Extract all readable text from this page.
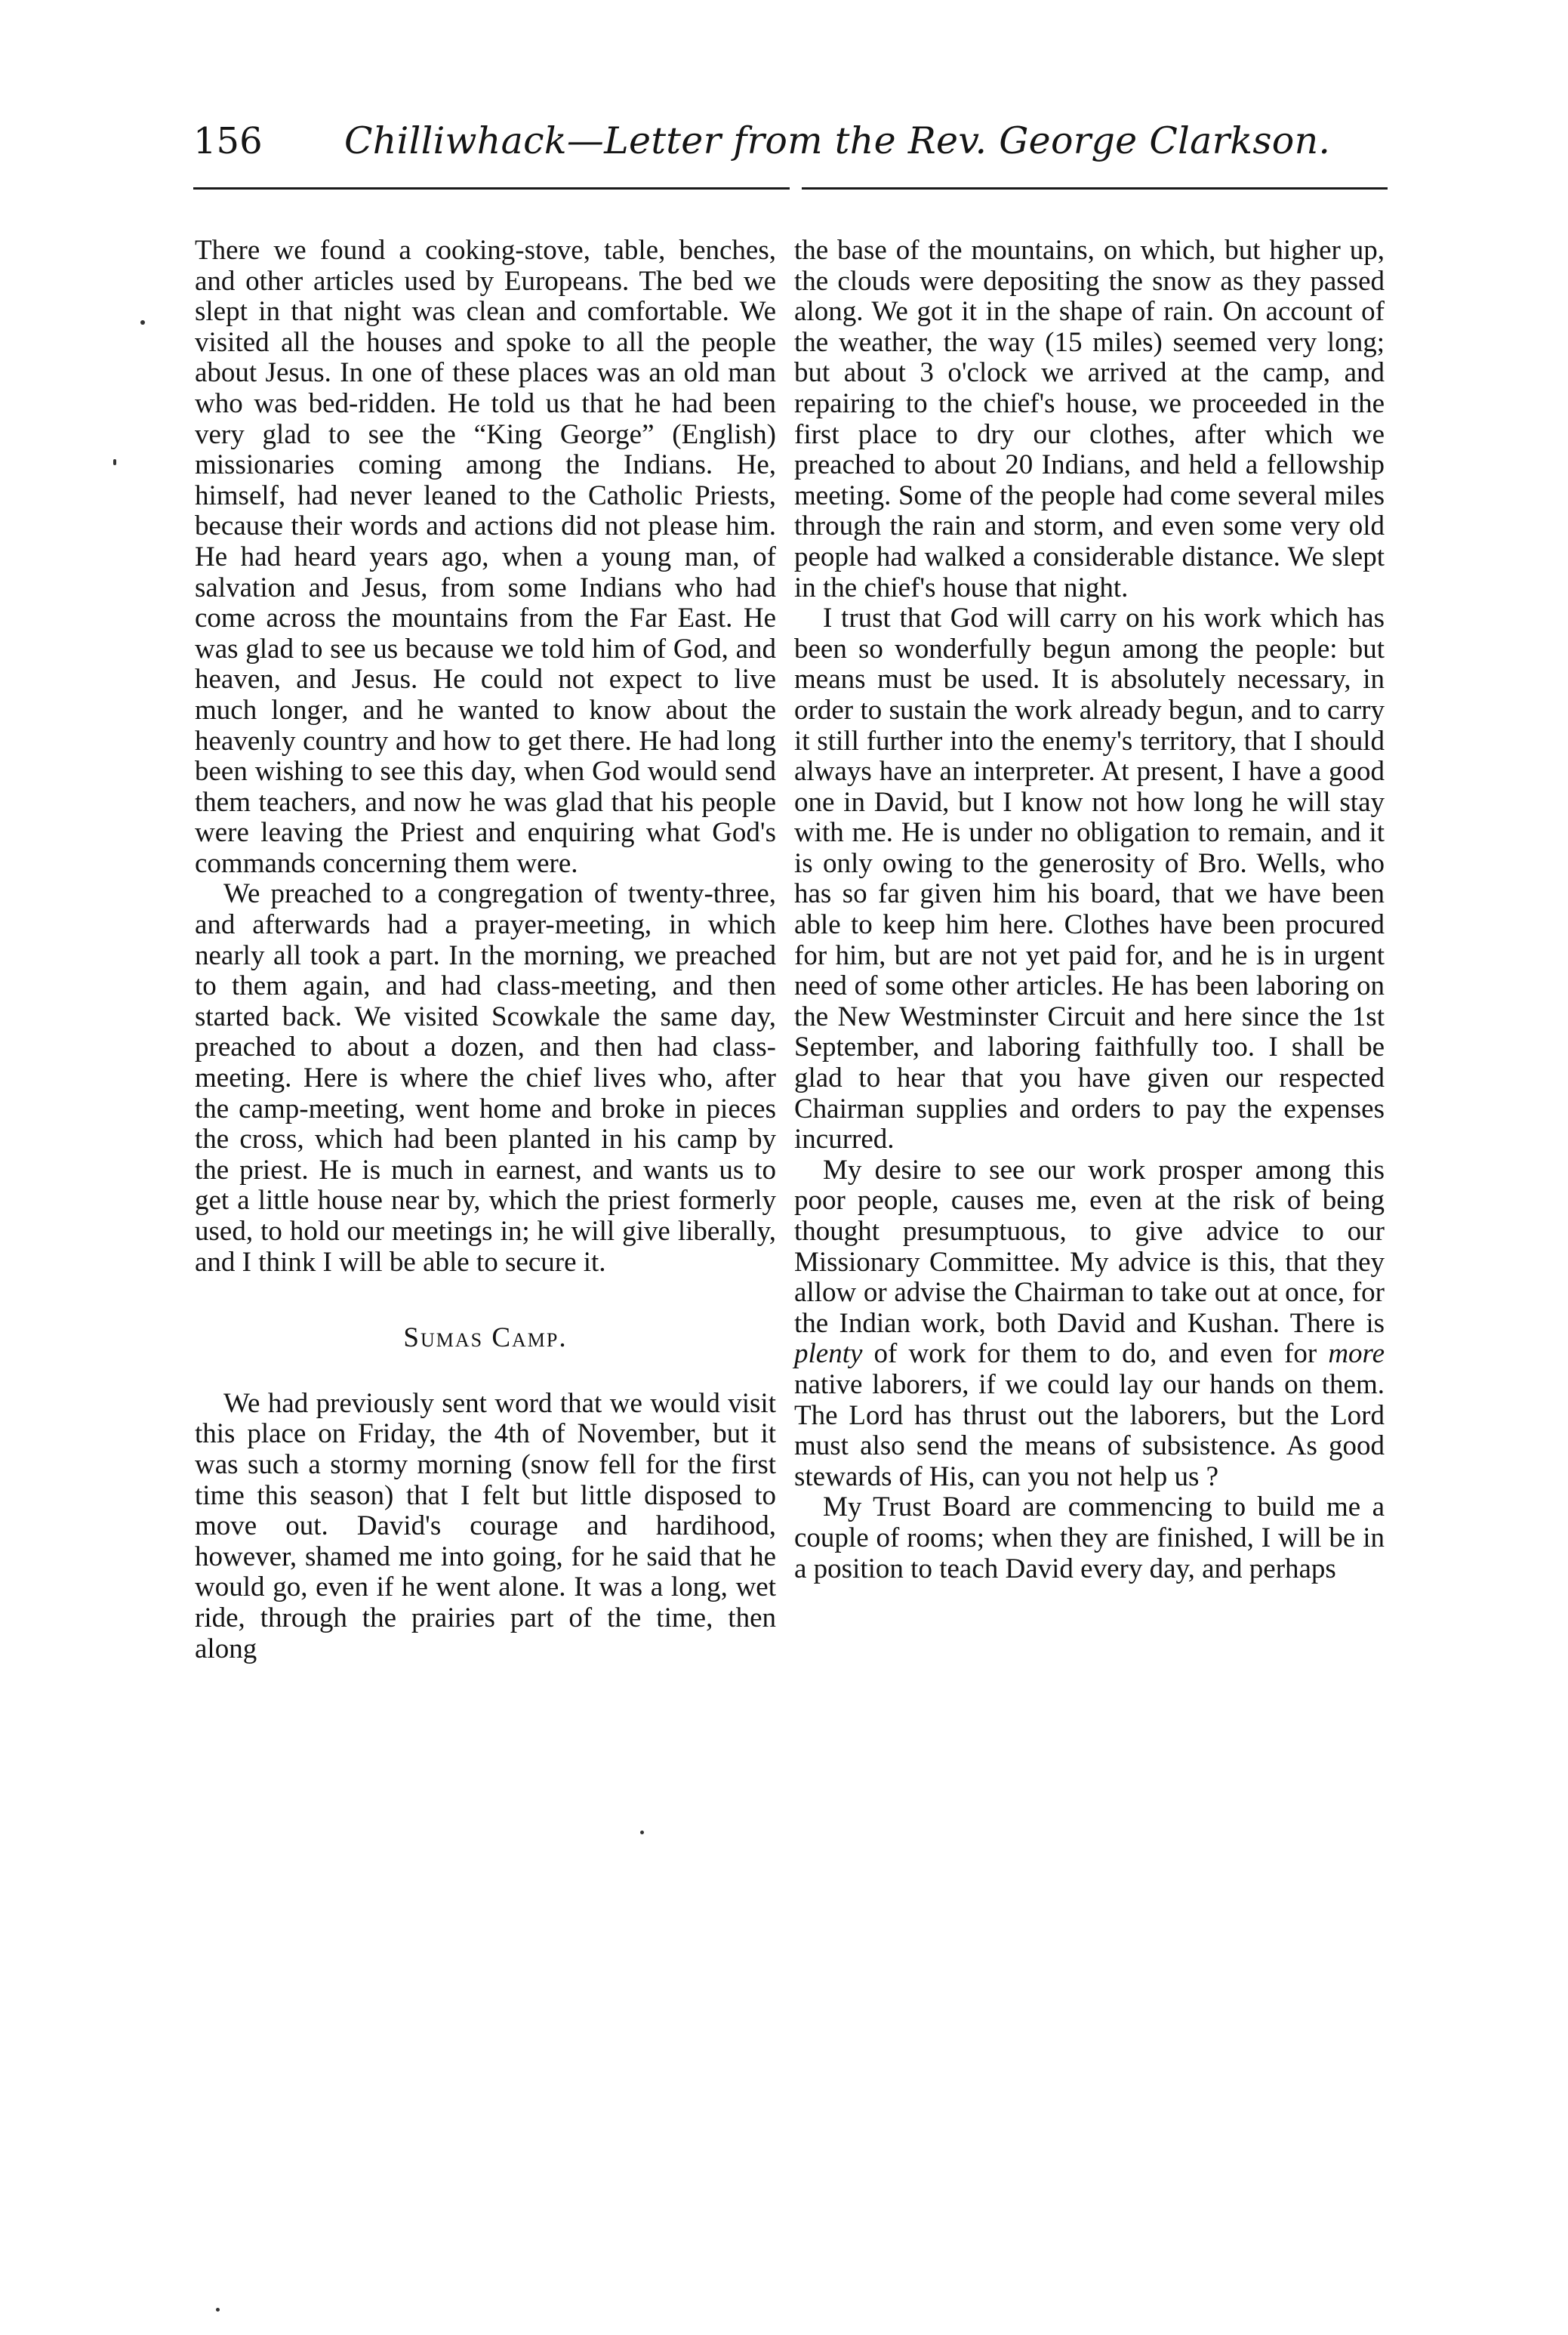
156 Chilliwhack—Letter from the Rev. George Clarkson.

There we found a cooking-stove, table, benches, and other articles used by Europeans. The bed we slept in that night was clean and comfortable. We visited all the houses and spoke to all the people about Jesus. In one of these places was an old man who was bed-ridden. He told us that he had been very glad to see the “King George” (English) missionaries coming among the Indians. He, himself, had never leaned to the Catholic Priests, because their words and actions did not please him. He had heard years ago, when a young man, of salvation and Jesus, from some Indians who had come across the mountains from the Far East. He was glad to see us because we told him of God, and heaven, and Jesus. He could not expect to live much longer, and he wanted to know about the heavenly country and how to get there. He had long been wishing to see this day, when God would send them teachers, and now he was glad that his people were leaving the Priest and enquiring what God's commands concerning them were.

We preached to a congregation of twenty-three, and afterwards had a prayer-meeting, in which nearly all took a part. In the morning, we preached to them again, and had class-meeting, and then started back. We visited Scowkale the same day, preached to about a dozen, and then had class-meeting. Here is where the chief lives who, after the camp-meeting, went home and broke in pieces the cross, which had been planted in his camp by the priest. He is much in earnest, and wants us to get a little house near by, which the priest formerly used, to hold our meetings in; he will give liberally, and I think I will be able to secure it.

Sumas Camp.

We had previously sent word that we would visit this place on Friday, the 4th of November, but it was such a stormy morning (snow fell for the first time this season) that I felt but little disposed to move out. David's courage and hardihood, however, shamed me into going, for he said that he would go, even if he went alone. It was a long, wet ride, through the prairies part of the time, then along

the base of the mountains, on which, but higher up, the clouds were depositing the snow as they passed along. We got it in the shape of rain. On account of the weather, the way (15 miles) seemed very long; but about 3 o'clock we arrived at the camp, and repairing to the chief's house, we proceeded in the first place to dry our clothes, after which we preached to about 20 Indians, and held a fellowship meeting. Some of the people had come several miles through the rain and storm, and even some very old people had walked a considerable distance. We slept in the chief's house that night.

I trust that God will carry on his work which has been so wonderfully begun among the people: but means must be used. It is absolutely necessary, in order to sustain the work already begun, and to carry it still further into the enemy's territory, that I should always have an interpreter. At present, I have a good one in David, but I know not how long he will stay with me. He is under no obligation to remain, and it is only owing to the generosity of Bro. Wells, who has so far given him his board, that we have been able to keep him here. Clothes have been procured for him, but are not yet paid for, and he is in urgent need of some other articles. He has been laboring on the New Westminster Circuit and here since the 1st September, and laboring faithfully too. I shall be glad to hear that you have given our respected Chairman supplies and orders to pay the expenses incurred.

My desire to see our work prosper among this poor people, causes me, even at the risk of being thought presumptuous, to give advice to our Missionary Committee. My advice is this, that they allow or advise the Chairman to take out at once, for the Indian work, both David and Kushan. There is plenty of work for them to do, and even for more native laborers, if we could lay our hands on them. The Lord has thrust out the laborers, but the Lord must also send the means of subsistence. As good stewards of His, can you not help us ?

My Trust Board are commencing to build me a couple of rooms; when they are finished, I will be in a position to teach David every day, and perhaps
